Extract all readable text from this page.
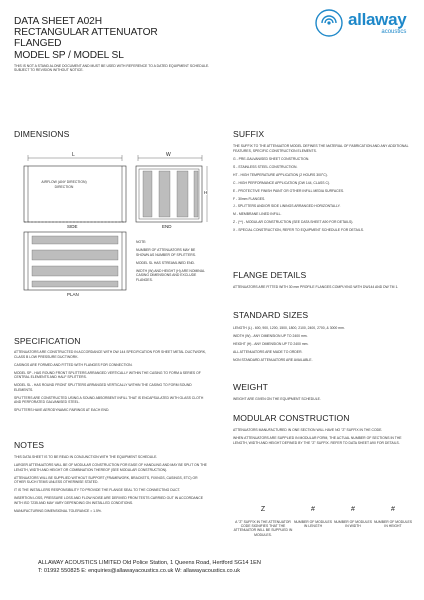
DATA SHEET A02H
RECTANGULAR ATTENUATOR
FLANGED
MODEL SP / MODEL SL
THIS IS NOT A STAND ALONE DOCUMENT AND MUST BE USED WITH REFERENCE TO A DATED EQUIPMENT SCHEDULE. SUBJECT TO REVISION WITHOUT NOTICE.
allaway
acoustics
DIMENSIONS
L	W
H
AIRFLOW (ANY DIRECTION) DIRECTION
SIDE	END
PLAN
NOTE:
NUMBER OF ATTENUATORS MAY BE SHOWN AS NUMBER OF SPLITTERS.
MODEL SL HAS STREAMLINED END.
WIDTH (W) AND HEIGHT (H) ARE NOMINAL CASING DIMENSIONS AND EXCLUDE FLANGES.
SPECIFICATION
ATTENUATORS ARE CONSTRUCTED IN ACCORDANCE WITH DW 144 SPECIFICATION FOR SHEET METAL DUCTWORK, CLASS B LOW PRESSURE DUCTWORK.
CASINGS ARE FORMED AND FITTED WITH FLANGES FOR CONNECTION.
MODEL SP - HAS ROUND FRONT SPLITTERS ARRANGED VERTICALLY WITHIN THE CASING TO FORM A SERIES OF CENTRAL ELEMENTS AND HALF SPLITTERS.
MODEL SL - HAS ROUND FRONT SPLITTERS ARRANGED VERTICALLY WITHIN THE CASING TO FORM SOUND ELEMENTS.
SPLITTERS ARE CONSTRUCTED USING A SOUND ABSORBENT INFILL THAT IS ENCAPSULATED WITH GLASS CLOTH AND PERFORATED GALVANISED STEEL.
SPLITTERS HAVE AERODYNAMIC FAIRINGS AT EACH END.
NOTES
THIS DATA SHEET IS TO BE READ IN CONJUNCTION WITH THE EQUIPMENT SCHEDULE.
LARGER ATTENUATORS WILL BE OF MODULAR CONSTRUCTION FOR EASE OF HANDLING AND MAY BE SPLIT ON THE LENGTH, WIDTH AND HEIGHT OR COMBINATION THEREOF (SEE MODULAR CONSTRUCTION).
ATTENUATORS WILL BE SUPPLIED WITHOUT SUPPORT (FRAMEWORK, BRACKETS, FIXINGS, CASINGS, ETC) OR OTHER SUCH ITEMS UNLESS OTHERWISE STATED.
IT IS THE INSTALLERS RESPONSIBILITY TO PROVIDE THE FLANGE SEAL TO THE CONNECTING DUCT.
INSERTION LOSS, PRESSURE LOSS AND FLOW NOISE ARE DERIVED FROM TESTS CARRIED OUT IN ACCORDANCE WITH ISO 7235 AND MAY VARY DEPENDING ON INSTALLED CONDITIONS.
MANUFACTURING DIMENSIONAL TOLERANCE = 1.5%.
SUFFIX
THE SUFFIX TO THE ATTENUATOR MODEL DEFINES THE MATERIAL OF FABRICATION AND ANY ADDITIONAL FEATURES, SPECIFIC CONSTRUCTION ELEMENTS.
G - PRE-GALVANISED SHEET CONSTRUCTION.
S - STAINLESS STEEL CONSTRUCTION.
HT - HIGH TEMPERATURE APPLICATION (2 HOURS 300°C).
C - HIGH PERFORMANCE APPLICATION (DW 144, CLASS C).
E - PROTECTIVE FINISH PAINT OR OTHER INFILL MEDIA SURFACES.
F - 30mm FLANGES.
J - SPLITTERS AND/OR SIDE LININGS ARRANGED HORIZONTALLY.
M - MEMBRANE LINED INFILL.
Z - (**) - MODULAR CONSTRUCTION (SEE DATA SHEET A90 FOR DETAILS).
X - SPECIAL CONSTRUCTION, REFER TO EQUIPMENT SCHEDULE FOR DETAILS.
FLANGE DETAILS
ATTENUATORS ARE FITTED WITH 30 mm PROFILE FLANGES COMPLYING WITH DW144 AND DW TM 1.
STANDARD SIZES
LENGTH (L) - 600, 900, 1200, 1500, 1800, 2100, 2400, 2700, & 3000 mm.
WIDTH (W) - ANY DIMENSION UP TO 2400 mm.
HEIGHT (H) - ANY DIMENSION UP TO 2400 mm.
ALL ATTENUATORS ARE MADE TO ORDER.
NON STANDARD ATTENUATORS ARE AVAILABLE.
WEIGHT
WEIGHT ARE GIVEN ON THE EQUIPMENT SCHEDULE.
MODULAR CONSTRUCTION
ATTENUATORS MANUFACTURED IN ONE SECTION WILL HAVE NO "Z" SUFFIX IN THE CODE.
WHEN ATTENUATORS ARE SUPPLIED IN MODULAR FORM, THE ACTUAL NUMBER OF SECTIONS IN THE LENGTH, WIDTH AND HEIGHT DEFINED BY THE "Z" SUFFIX. REFER TO DATA SHEET A90 FOR DETAILS.
Z
A "Z" SUFFIX IN THE ATTENUATOR CODE SIGNIFIES THAT THE ATTENUATOR WILL BE SUPPLIED IN MODULES.
#
NUMBER OF MODULES IN LENGTH
#
NUMBER OF MODULES IN WIDTH
#
NUMBER OF MODULES IN HEIGHT
ALLAWAY ACOUSTICS LIMITED Old Police Station, 1 Queens Road, Hertford SG14 1EN
T: 01992 550825 E: enquiries@allawayacoustics.co.uk W: allawayacoustics.co.uk
